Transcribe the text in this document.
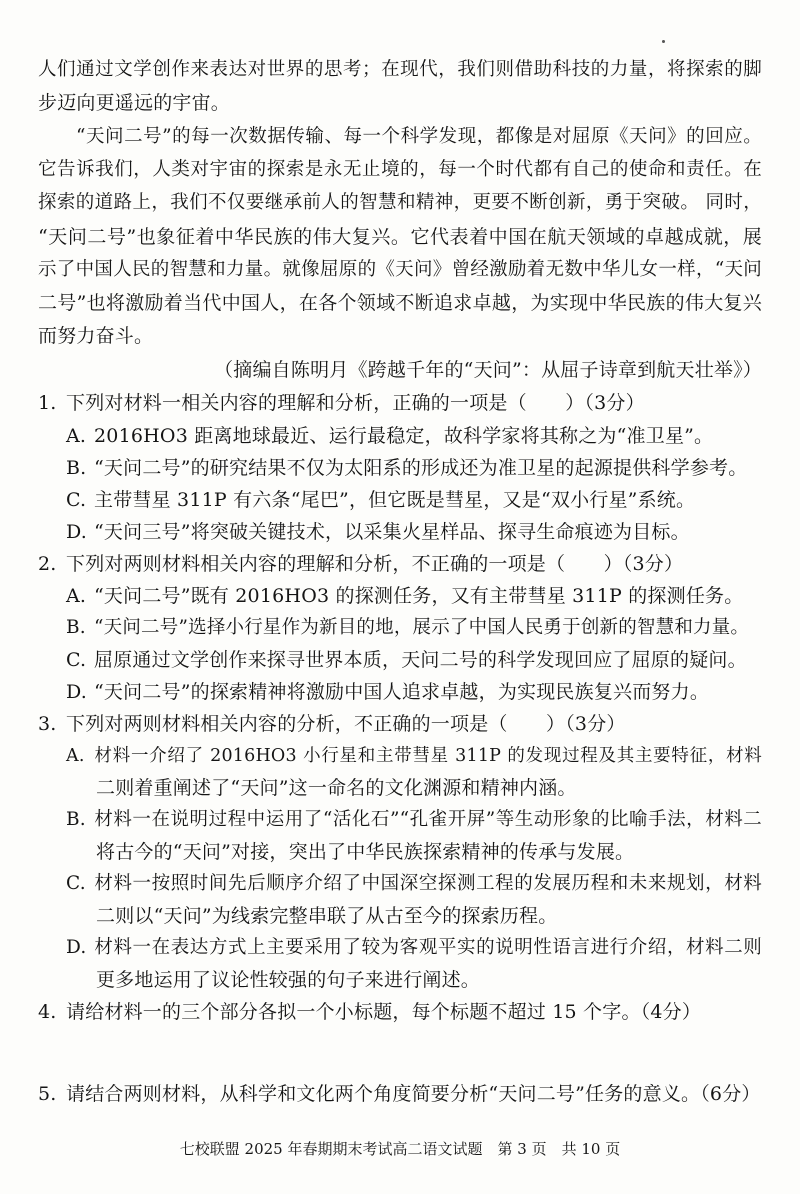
人们通过文学创作来表达对世界的思考；在现代，我们则借助科技的力量，将探索的脚
步迈向更遥远的宇宙。
“天问二号”的每一次数据传输、每一个科学发现，都像是对屈原《天问》的回应。
它告诉我们，人类对宇宙的探索是永无止境的，每一个时代都有自己的使命和责任。在
探索的道路上，我们不仅要继承前人的智慧和精神，更要不断创新，勇于突破。 同时，
“天问二号”也象征着中华民族的伟大复兴。它代表着中国在航天领域的卓越成就，展
示了中国人民的智慧和力量。就像屈原的《天问》曾经激励着无数中华儿女一样，“天问
二号”也将激励着当代中国人，在各个领域不断追求卓越，为实现中华民族的伟大复兴
而努力奋斗。
（摘编自陈明月《跨越千年的“天问”：从屈子诗章到航天壮举》）
1. 下列对材料一相关内容的理解和分析，正确的一项是（　　）（3分）
A. 2016HO3 距离地球最近、运行最稳定，故科学家将其称之为“准卫星”。
B. “天问二号”的研究结果不仅为太阳系的形成还为准卫星的起源提供科学参考。
C. 主带彗星 311P 有六条“尾巴”，但它既是彗星，又是“双小行星”系统。
D. “天问三号”将突破关键技术，以采集火星样品、探寻生命痕迹为目标。
2. 下列对两则材料相关内容的理解和分析，不正确的一项是（　　）（3分）
A. “天问二号”既有 2016HO3 的探测任务，又有主带彗星 311P 的探测任务。
B. “天问二号”选择小行星作为新目的地，展示了中国人民勇于创新的智慧和力量。
C. 屈原通过文学创作来探寻世界本质，天问二号的科学发现回应了屈原的疑问。
D. “天问二号”的探索精神将激励中国人追求卓越，为实现民族复兴而努力。
3. 下列对两则材料相关内容的分析，不正确的一项是（　　）（3分）
A. 材料一介绍了 2016HO3 小行星和主带彗星 311P 的发现过程及其主要特征，材料
二则着重阐述了“天问”这一命名的文化渊源和精神内涵。
B. 材料一在说明过程中运用了“活化石”“孔雀开屏”等生动形象的比喻手法，材料二
将古今的“天问”对接，突出了中华民族探索精神的传承与发展。
C. 材料一按照时间先后顺序介绍了中国深空探测工程的发展历程和未来规划，材料
二则以“天问”为线索完整串联了从古至今的探索历程。
D. 材料一在表达方式上主要采用了较为客观平实的说明性语言进行介绍，材料二则
更多地运用了议论性较强的句子来进行阐述。
4. 请给材料一的三个部分各拟一个小标题，每个标题不超过 15 个字。（4分）
5. 请结合两则材料，从科学和文化两个角度简要分析“天问二号”任务的意义。（6分）
七校联盟 2025 年春期期末考试高二语文试题　第 3 页　共 10 页
